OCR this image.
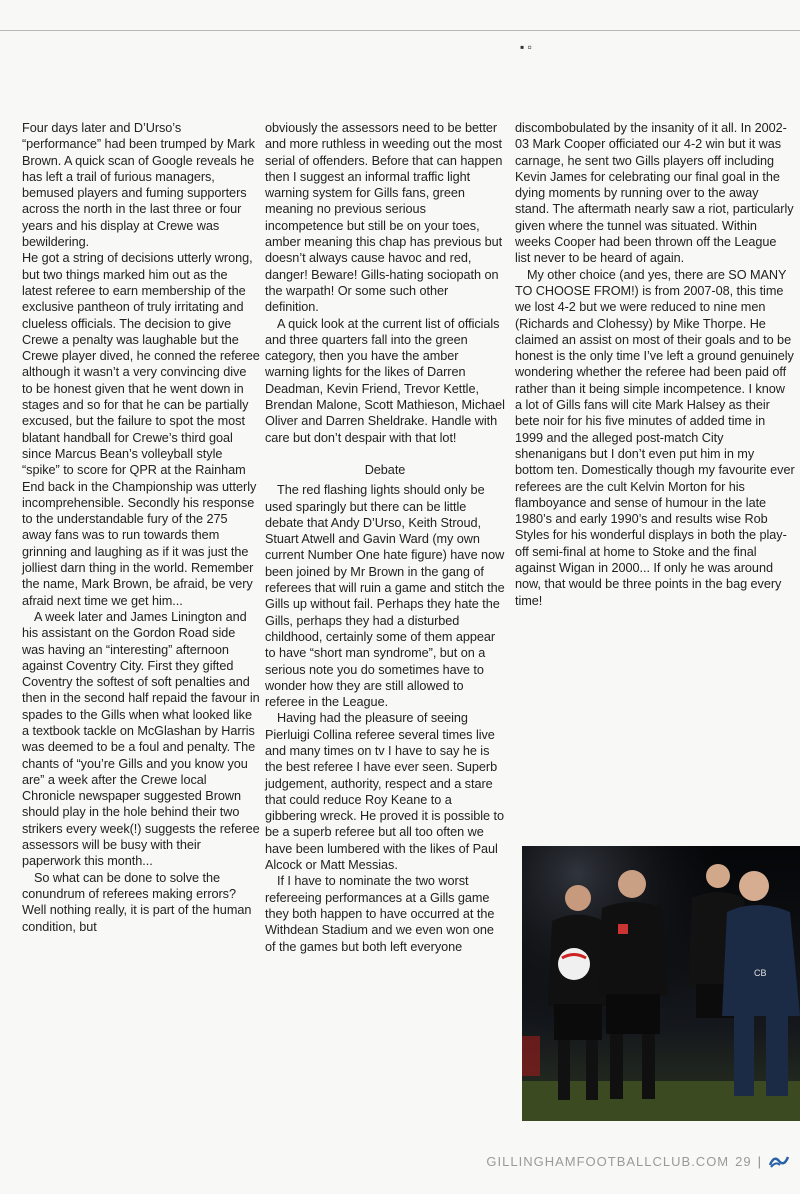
▪ ▫

Four days later and D’Urso’s “performance” had been trumped by Mark Brown. A quick scan of Google reveals he has left a trail of furious managers, bemused players and fuming supporters across the north in the last three or four years and his display at Crewe was bewildering.

He got a string of decisions utterly wrong, but two things marked him out as the latest referee to earn membership of the exclusive pantheon of truly irritating and clueless officials. The decision to give Crewe a penalty was laughable but the Crewe player dived, he conned the referee although it wasn’t a very convincing dive to be honest given that he went down in stages and so for that he can be partially excused, but the failure to spot the most blatant handball for Crewe’s third goal since Marcus Bean’s volleyball style “spike” to score for QPR at the Rainham End back in the Championship was utterly incomprehensible. Secondly his response to the understandable fury of the 275 away fans was to run towards them grinning and laughing as if it was just the jolliest darn thing in the world. Remember the name, Mark Brown, be afraid, be very afraid next time we get him...

A week later and James Linington and his assistant on the Gordon Road side was having an “interesting” afternoon against Coventry City. First they gifted Coventry the softest of soft penalties and then in the second half repaid the favour in spades to the Gills when what looked like a textbook tackle on McGlashan by Harris was deemed to be a foul and penalty. The chants of “you’re Gills and you know you are” a week after the Crewe local Chronicle newspaper suggested Brown should play in the hole behind their two strikers every week(!) suggests the referee assessors will be busy with their paperwork this month...

So what can be done to solve the conundrum of referees making errors? Well nothing really, it is part of the human condition, but

obviously the assessors need to be better and more ruthless in weeding out the most serial of offenders. Before that can happen then I suggest an informal traffic light warning system for Gills fans, green meaning no previous serious incompetence but still be on your toes, amber meaning this chap has previous but doesn’t always cause havoc and red, danger! Beware! Gills-hating sociopath on the warpath! Or some such other definition.

A quick look at the current list of officials and three quarters fall into the green category, then you have the amber warning lights for the likes of Darren Deadman, Kevin Friend, Trevor Kettle, Brendan Malone, Scott Mathieson, Michael Oliver and Darren Sheldrake. Handle with care but don’t despair with that lot!

Debate

The red flashing lights should only be used sparingly but there can be little debate that Andy D’Urso, Keith Stroud, Stuart Atwell and Gavin Ward (my own current Number One hate figure) have now been joined by Mr Brown in the gang of referees that will ruin a game and stitch the Gills up without fail. Perhaps they hate the Gills, perhaps they had a disturbed childhood, certainly some of them appear to have “short man syndrome”, but on a serious note you do sometimes have to wonder how they are still allowed to referee in the League.

Having had the pleasure of seeing Pierluigi Collina referee several times live and many times on tv I have to say he is the best referee I have ever seen. Superb judgement, authority, respect and a stare that could reduce Roy Keane to a gibbering wreck. He proved it is possible to be a superb referee but all too often we have been lumbered with the likes of Paul Alcock or Matt Messias.

If I have to nominate the two worst refereeing performances at a Gills game they both happen to have occurred at the Withdean Stadium and we even won one of the games but both left everyone

discombobulated by the insanity of it all. In 2002-03 Mark Cooper officiated our 4-2 win but it was carnage, he sent two Gills players off including Kevin James for celebrating our final goal in the dying moments by running over to the away stand. The aftermath nearly saw a riot, particularly given where the tunnel was situated. Within weeks Cooper had been thrown off the League list never to be heard of again.

My other choice (and yes, there are SO MANY TO CHOOSE FROM!) is from 2007-08, this time we lost 4-2 but we were reduced to nine men (Richards and Clohessy) by Mike Thorpe. He claimed an assist on most of their goals and to be honest is the only time I’ve left a ground genuinely wondering whether the referee had been paid off rather than it being simple incompetence. I know a lot of Gills fans will cite Mark Halsey as their bete noir for his five minutes of added time in 1999 and the alleged post-match City shenanigans but I don’t even put him in my bottom ten. Domestically though my favourite ever referees are the cult Kelvin Morton for his flamboyance and sense of humour in the late 1980’s and early 1990’s and results wise Rob Styles for his wonderful displays in both the play-off semi-final at home to Stoke and the final against Wigan in 2000... If only he was around now, that would be three points in the bag every time!

CB
GILLINGHAMFOOTBALLCLUB.COM 29 |
